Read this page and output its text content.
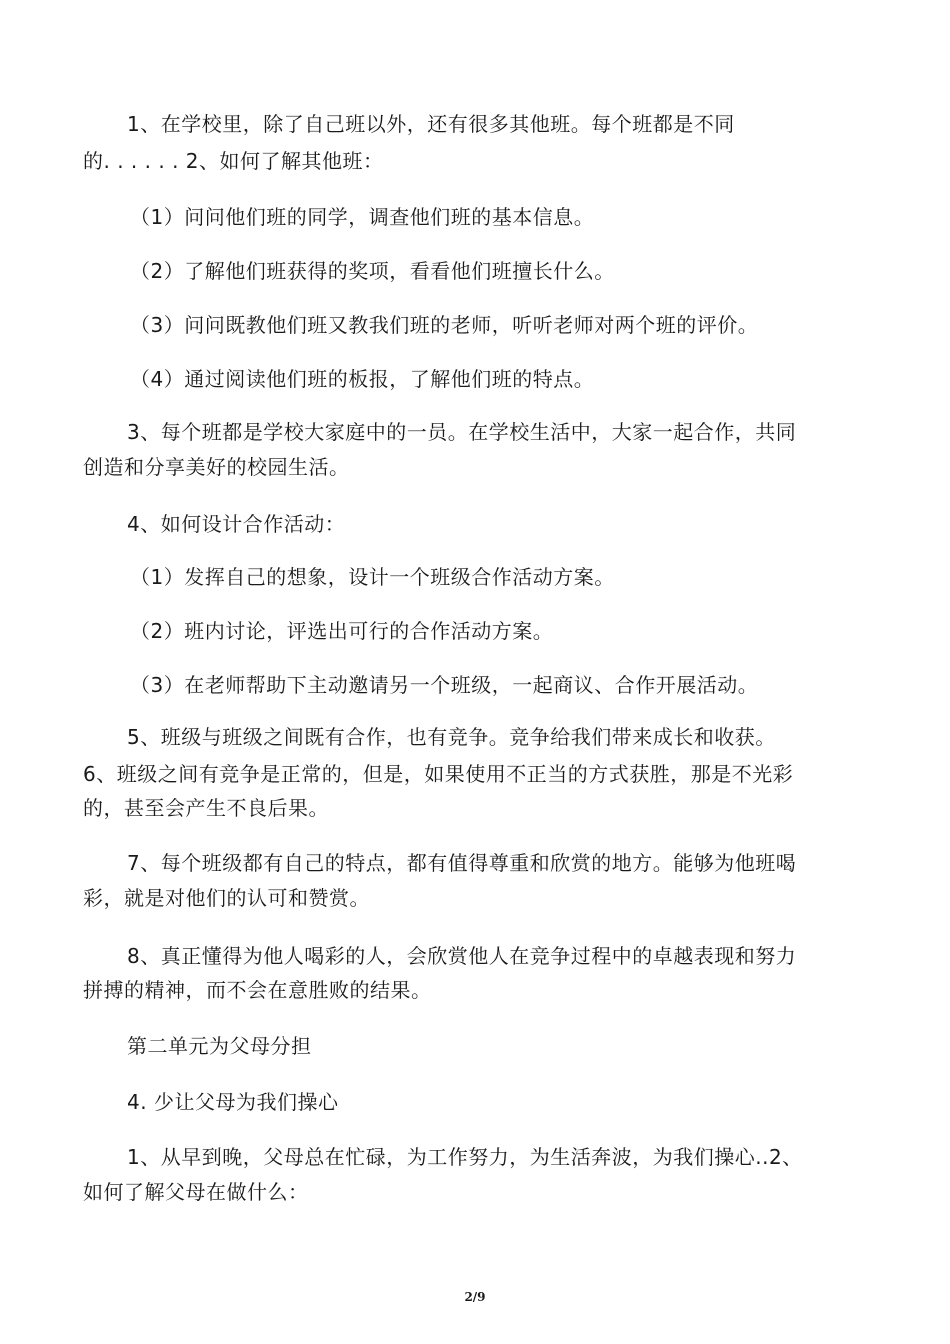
1、在学校里，除了自己班以外，还有很多其他班。每个班都是不同
的. . . . . . 2、如何了解其他班：
（1）问问他们班的同学，调查他们班的基本信息。
（2）了解他们班获得的奖项，看看他们班擅长什么。
（3）问问既教他们班又教我们班的老师，听听老师对两个班的评价。
（4）通过阅读他们班的板报，了解他们班的特点。
3、每个班都是学校大家庭中的一员。在学校生活中，大家一起合作，共同
创造和分享美好的校园生活。
4、如何设计合作活动：
（1）发挥自己的想象，设计一个班级合作活动方案。
（2）班内讨论，评选出可行的合作活动方案。
（3）在老师帮助下主动邀请另一个班级，一起商议、合作开展活动。
5、班级与班级之间既有合作，也有竞争。竞争给我们带来成长和收获。
6、班级之间有竞争是正常的，但是，如果使用不正当的方式获胜，那是不光彩
的，甚至会产生不良后果。
7、每个班级都有自己的特点，都有值得尊重和欣赏的地方。能够为他班喝
彩，就是对他们的认可和赞赏。
8、真正懂得为他人喝彩的人，会欣赏他人在竞争过程中的卓越表现和努力
拼搏的精神，而不会在意胜败的结果。
第二单元为父母分担
4. 少让父母为我们操心
1、从早到晚，父母总在忙碌，为工作努力，为生活奔波，为我们操心..2、
如何了解父母在做什么：
2/9
